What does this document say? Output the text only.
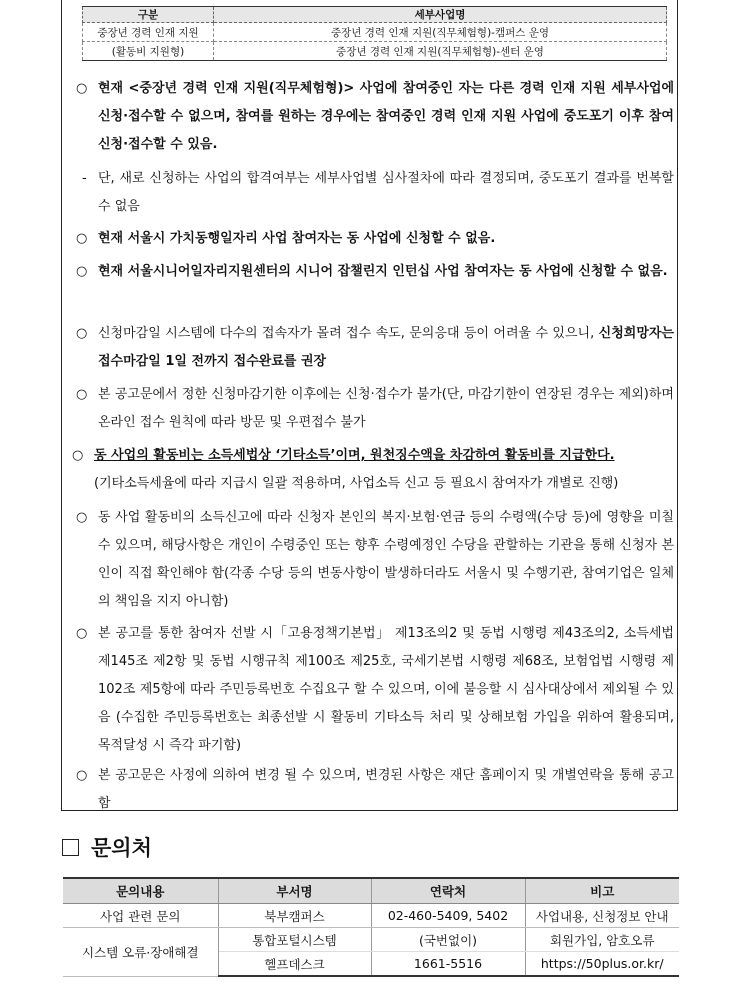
구분	세부사업명
중장년 경력 인재 지원	중장년 경력 인재 지원(직무체험형)-캠퍼스 운영
(활동비 지원형)	중장년 경력 인재 지원(직무체험형)-센터 운영
○ 현재 <중장년 경력 인재 지원(직무체험형)> 사업에 참여중인 자는 다른 경력 인재 지원 세부사업에 신청·접수할 수 없으며, 참여를 원하는 경우에는 참여중인 경력 인재 지원 사업에 중도포기 이후 참여 신청·접수할 수 있음.
- 단, 새로 신청하는 사업의 합격여부는 세부사업별 심사절차에 따라 결정되며, 중도포기 결과를 번복할 수 없음
○ 현재 서울시 가치동행일자리 사업 참여자는 동 사업에 신청할 수 없음.
○ 현재 서울시니어일자리지원센터의 시니어 잡챌린지 인턴십 사업 참여자는 동 사업에 신청할 수 없음.
○ 신청마감일 시스템에 다수의 접속자가 몰려 접수 속도, 문의응대 등이 어려울 수 있으니, 신청희망자는 접수마감일 1일 전까지 접수완료를 권장
○ 본 공고문에서 정한 신청마감기한 이후에는 신청·접수가 불가(단, 마감기한이 연장된 경우는 제외)하며 온라인 접수 원칙에 따라 방문 및 우편접수 불가
○ 동 사업의 활동비는 소득세법상 ‘기타소득’이며, 원천징수액을 차감하여 활동비를 지급한다.
(기타소득세율에 따라 지급시 일괄 적용하며, 사업소득 신고 등 필요시 참여자가 개별로 진행)
○ 동 사업 활동비의 소득신고에 따라 신청자 본인의 복지·보험·연금 등의 수령액(수당 등)에 영향을 미칠 수 있으며, 해당사항은 개인이 수령중인 또는 향후 수령예정인 수당을 관할하는 기관을 통해 신청자 본인이 직접 확인해야 함(각종 수당 등의 변동사항이 발생하더라도 서울시 및 수행기관, 참여기업은 일체의 책임을 지지 아니함)
○ 본 공고를 통한 참여자 선발 시「고용정책기본법」 제13조의2 및 동법 시행령 제43조의2, 소득세법 제145조 제2항 및 동법 시행규칙 제100조 제25호, 국세기본법 시행령 제68조, 보험업법 시행령 제102조 제5항에 따라 주민등록번호 수집요구 할 수 있으며, 이에 불응할 시 심사대상에서 제외될 수 있음 (수집한 주민등록번호는 최종선발 시 활동비 기타소득 처리 및 상해보험 가입을 위하여 활용되며, 목적달성 시 즉각 파기함)
○ 본 공고문은 사정에 의하여 변경 될 수 있으며, 변경된 사항은 재단 홈페이지 및 개별연락을 통해 공고함
문의처
문의내용	부서명	연락처	비고
사업 관련 문의	북부캠퍼스	02-460-5409, 5402	사업내용, 신청정보 안내
시스템 오류·장애해결	통합포털시스템	(국번없이)	회원가입, 암호오류
	헬프데스크	1661-5516	https://50plus.or.kr/
